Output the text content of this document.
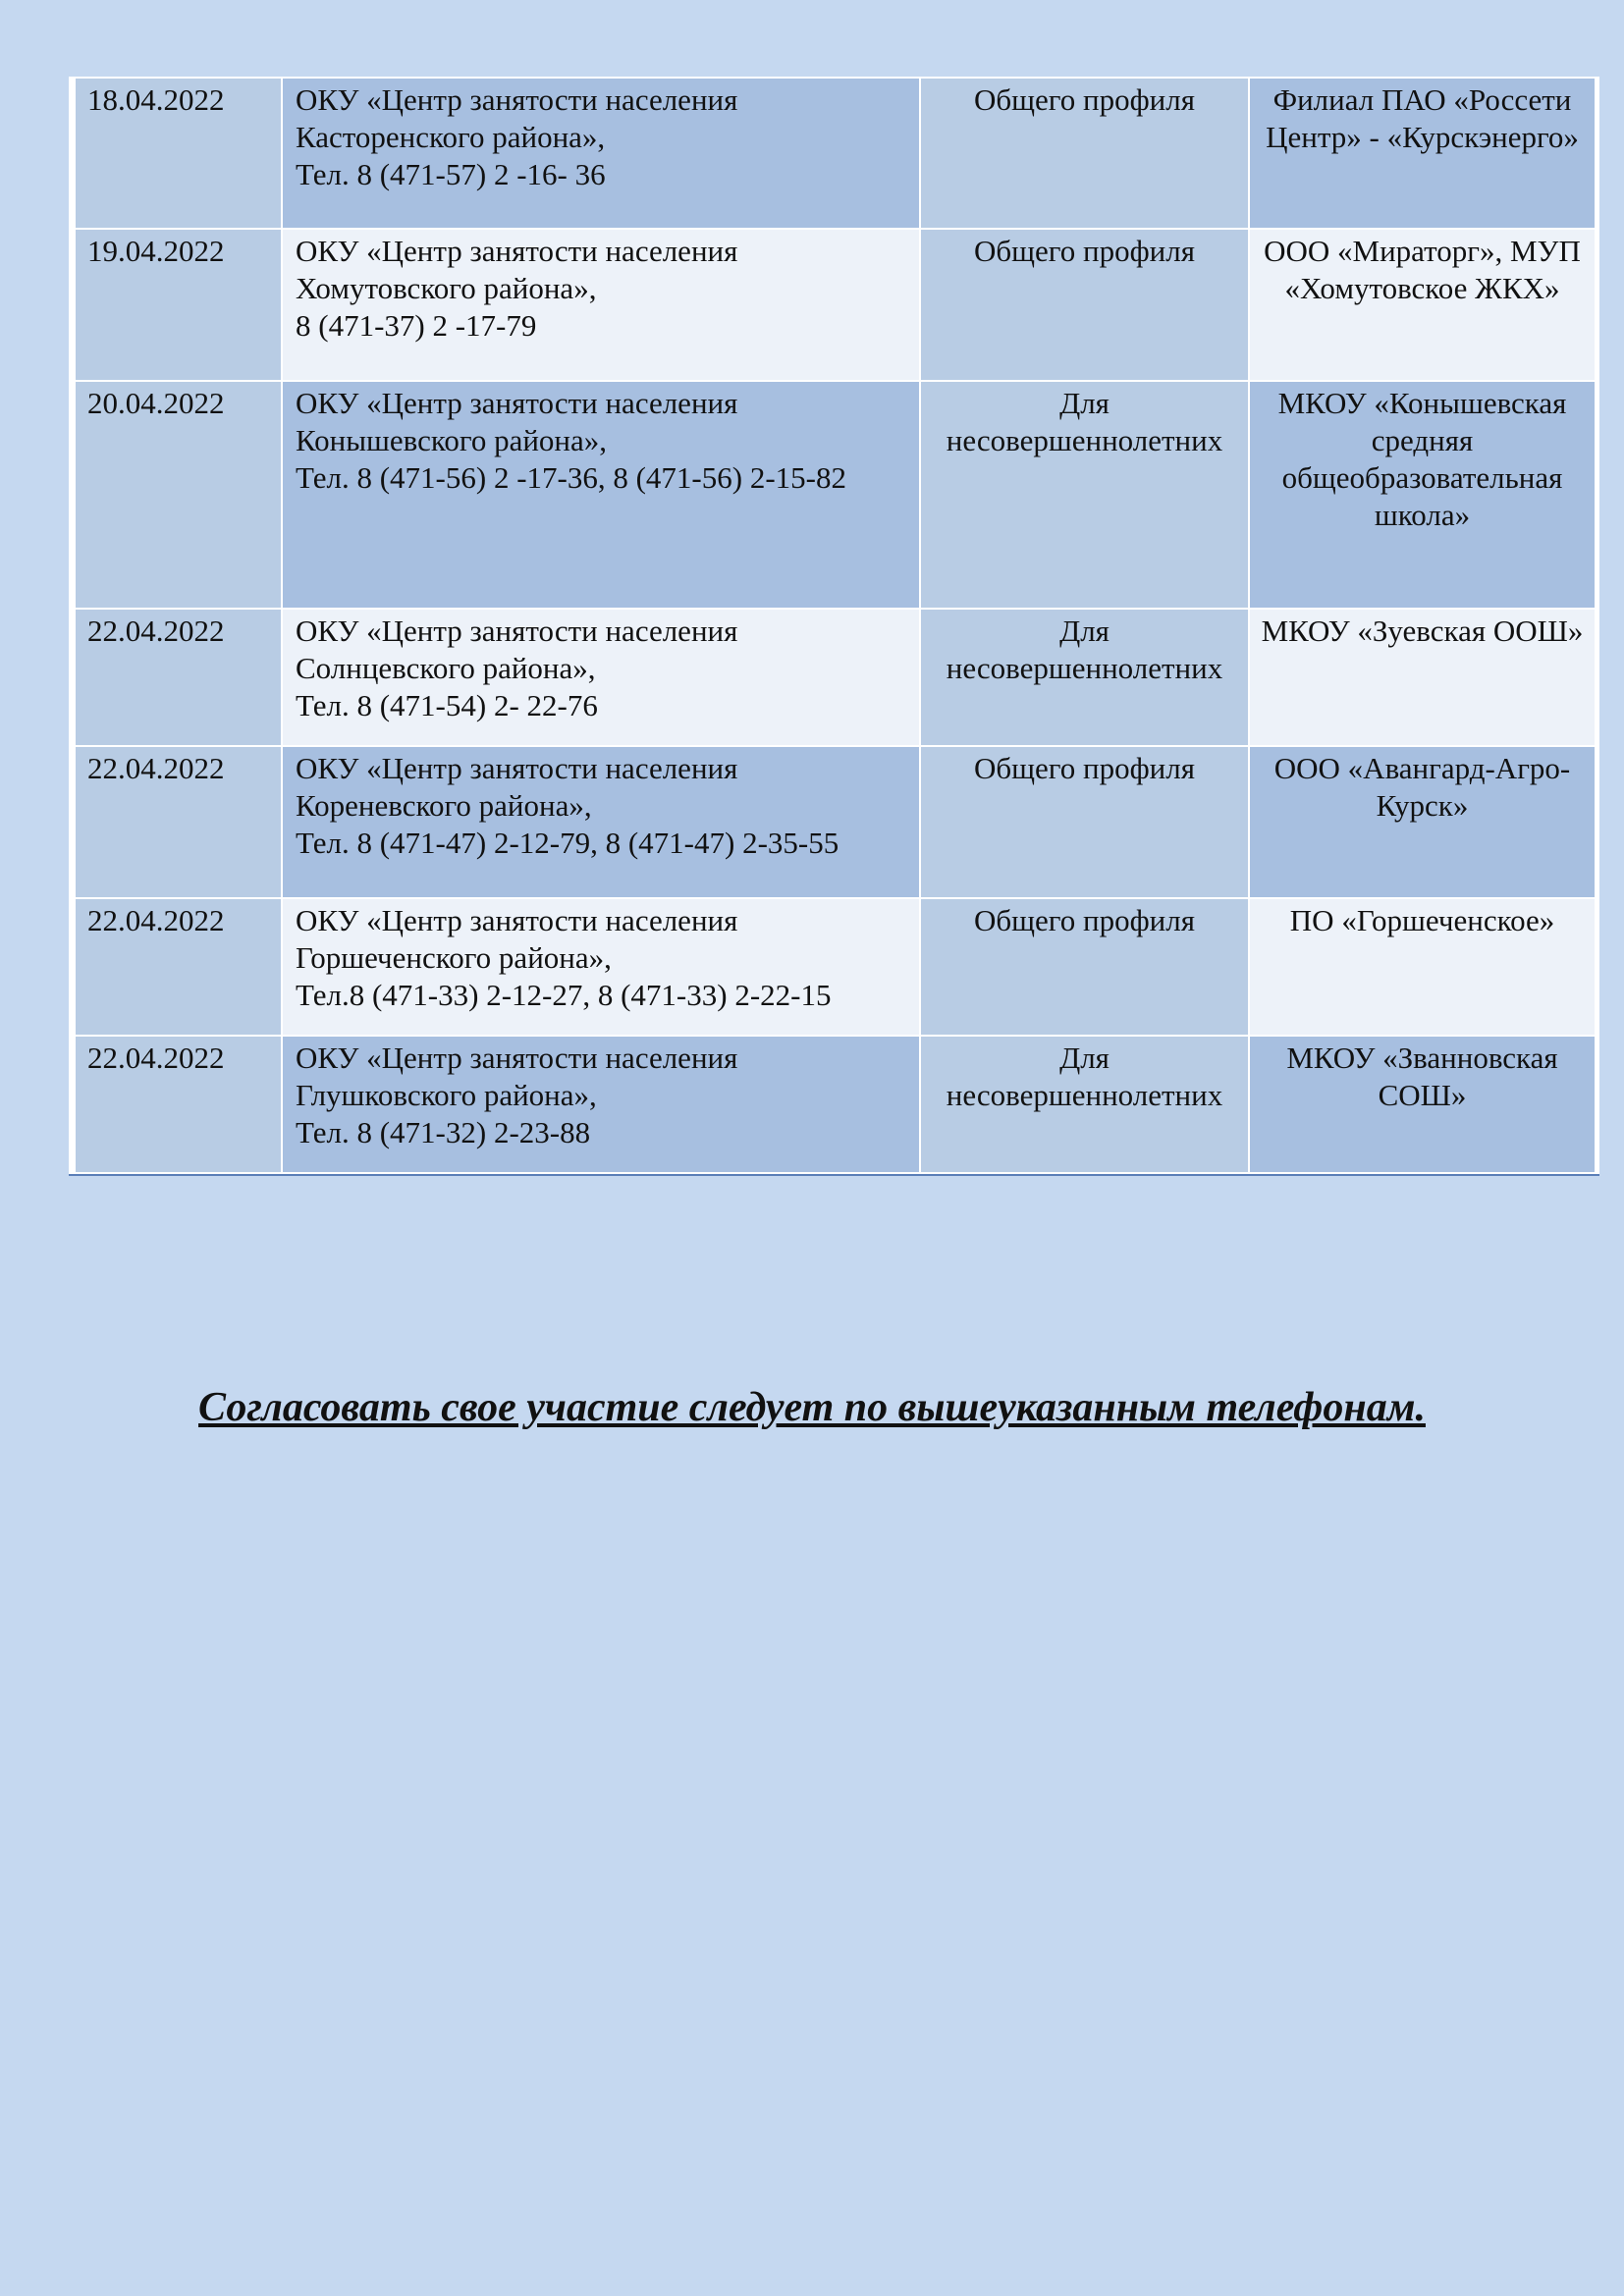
18.04.2022	ОКУ «Центр занятости населения
Касторенского района»,
Тел. 8 (471-57) 2 -16- 36	Общего профиля	Филиал ПАО «Россети Центр» - «Курскэнерго»
19.04.2022	ОКУ «Центр занятости населения
Хомутовского района»,
8 (471-37) 2 -17-79	Общего профиля	ООО «Мираторг», МУП «Хомутовское ЖКХ»
20.04.2022	ОКУ «Центр занятости населения
Конышевского района»,
Тел. 8 (471-56) 2 -17-36, 8 (471-56) 2-15-82	Для несовершеннолетних	МКОУ «Конышевская средняя общеобразовательная школа»
22.04.2022	ОКУ «Центр занятости населения
Солнцевского района»,
Тел. 8 (471-54) 2- 22-76	Для несовершеннолетних	МКОУ «Зуевская ООШ»
22.04.2022	ОКУ «Центр занятости населения
Кореневского района»,
Тел. 8 (471-47) 2-12-79, 8 (471-47) 2-35-55	Общего профиля	ООО «Авангард-Агро-Курск»
22.04.2022	ОКУ «Центр занятости населения
Горшеченского района»,
Тел.8 (471-33) 2-12-27, 8 (471-33) 2-22-15	Общего профиля	ПО «Горшеченское»
22.04.2022	ОКУ «Центр занятости населения
Глушковского района»,
Тел. 8 (471-32) 2-23-88	Для несовершеннолетних	МКОУ «Званновская СОШ»
Согласовать свое участие следует по вышеуказанным телефонам.
